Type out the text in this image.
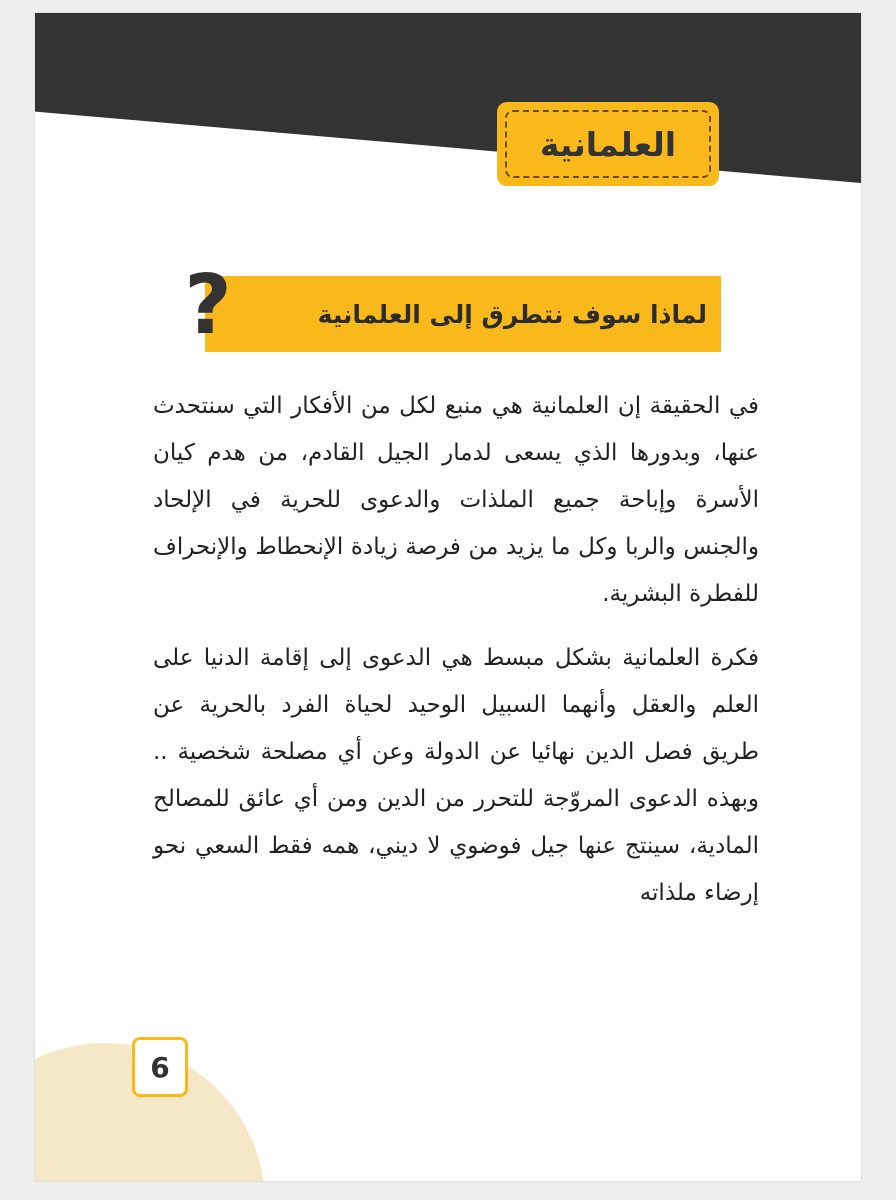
العلمانية
لماذا سوف نتطرق إلى العلمانية
?

في الحقيقة إن العلمانية هي منبع لكل من الأفكار التي سنتحدث عنها، وبدورها الذي يسعى لدمار الجيل القادم، من هدم كيان الأسرة وإباحة جميع الملذات والدعوى للحرية في الإلحاد والجنس والربا وكل ما يزيد من فرصة زيادة الإنحطاط والإنحراف للفطرة البشرية.

فكرة العلمانية بشكل مبسط هي الدعوى إلى إقامة الدنيا على العلم والعقل وأنهما السبيل الوحيد لحياة الفرد بالحرية عن طريق فصل الدين نهائيا عن الدولة وعن أي مصلحة شخصية .. وبهذه الدعوى المروّجة للتحرر من الدين ومن أي عائق للمصالح المادية، سينتج عنها جيل فوضوي لا ديني، همه فقط السعي نحو إرضاء ملذاته

6
